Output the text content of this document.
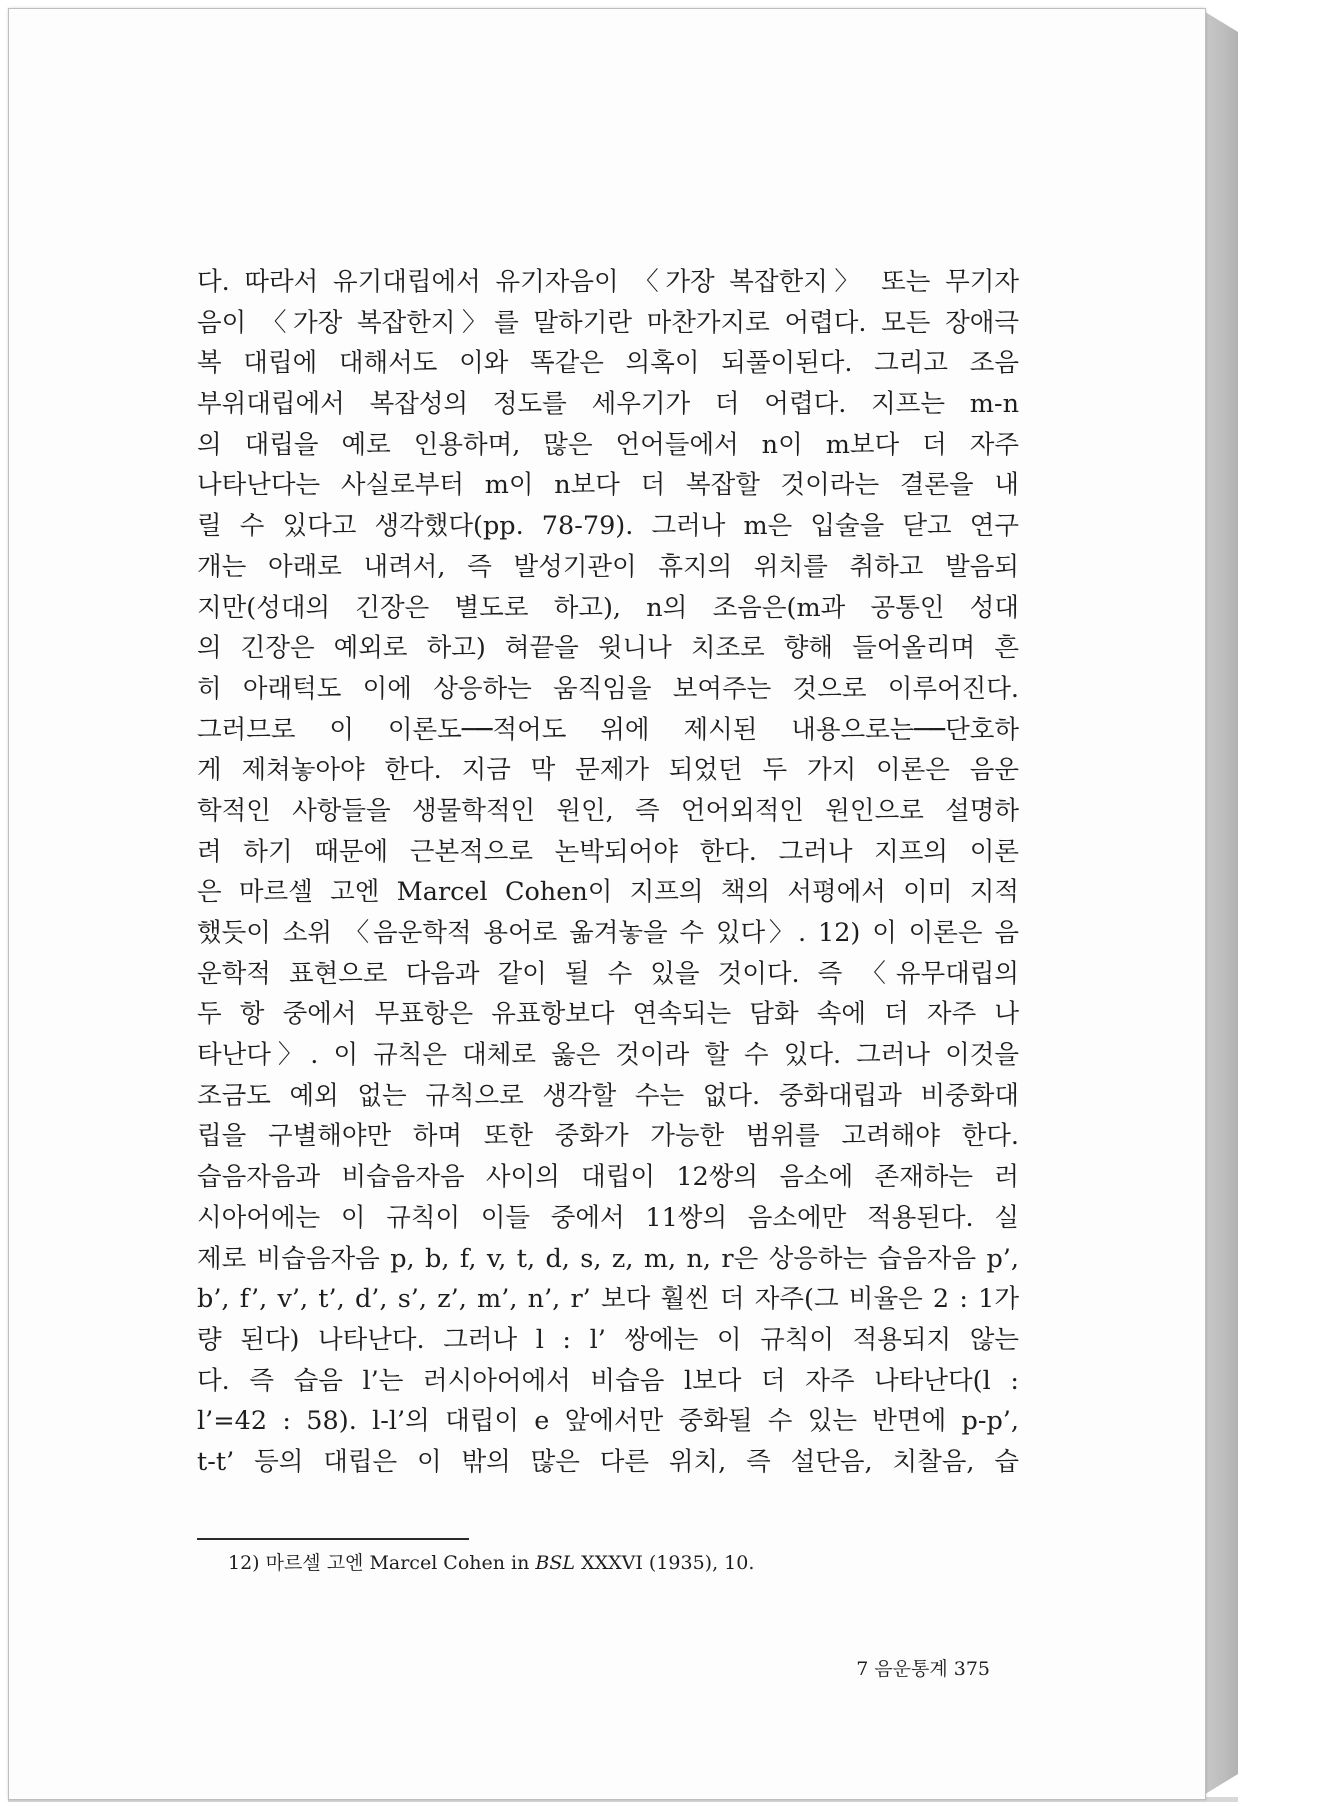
다. 따라서 유기대립에서 유기자음이 〈가장 복잡한지〉 또는 무기자
음이 〈가장 복잡한지〉를 말하기란 마찬가지로 어렵다. 모든 장애극
복 대립에 대해서도 이와 똑같은 의혹이 되풀이된다. 그리고 조음
부위대립에서 복잡성의 정도를 세우기가 더 어렵다. 지프는 m-n
의 대립을 예로 인용하며, 많은 언어들에서 n이 m보다 더 자주
나타난다는 사실로부터 m이 n보다 더 복잡할 것이라는 결론을 내
릴 수 있다고 생각했다(pp. 78-79). 그러나 m은 입술을 닫고 연구
개는 아래로 내려서, 즉 발성기관이 휴지의 위치를 취하고 발음되
지만(성대의 긴장은 별도로 하고), n의 조음은(m과 공통인 성대
의 긴장은 예외로 하고) 혀끝을 윗니나 치조로 향해 들어올리며 흔
히 아래턱도 이에 상응하는 움직임을 보여주는 것으로 이루어진다.
그러므로 이 이론도──적어도 위에 제시된 내용으로는──단호하
게 제쳐놓아야 한다. 지금 막 문제가 되었던 두 가지 이론은 음운
학적인 사항들을 생물학적인 원인, 즉 언어외적인 원인으로 설명하
려 하기 때문에 근본적으로 논박되어야 한다. 그러나 지프의 이론
은 마르셀 고엔 Marcel Cohen이 지프의 책의 서평에서 이미 지적
했듯이 소위 〈음운학적 용어로 옮겨놓을 수 있다〉. 12) 이 이론은 음
운학적 표현으로 다음과 같이 될 수 있을 것이다. 즉 〈유무대립의
두 항 중에서 무표항은 유표항보다 연속되는 담화 속에 더 자주 나
타난다〉. 이 규칙은 대체로 옳은 것이라 할 수 있다. 그러나 이것을
조금도 예외 없는 규칙으로 생각할 수는 없다. 중화대립과 비중화대
립을 구별해야만 하며 또한 중화가 가능한 범위를 고려해야 한다.
습음자음과 비습음자음 사이의 대립이 12쌍의 음소에 존재하는 러
시아어에는 이 규칙이 이들 중에서 11쌍의 음소에만 적용된다. 실
제로 비습음자음 p, b, f, v, t, d, s, z, m, n, r은 상응하는 습음자음 p’,
b’, f’, v’, t’, d’, s’, z’, m’, n’, r’ 보다 훨씬 더 자주(그 비율은 2 : 1가
량 된다) 나타난다. 그러나 l : l’ 쌍에는 이 규칙이 적용되지 않는
다. 즉 습음 l’는 러시아어에서 비습음 l보다 더 자주 나타난다(l :
l’=42 : 58). l-l’의 대립이 e 앞에서만 중화될 수 있는 반면에 p-p’,
t-t’ 등의 대립은 이 밖의 많은 다른 위치, 즉 설단음, 치찰음, 습
12) 마르셀 고엔 Marcel Cohen in BSL XXXVI (1935), 10.
7 음운통계 375
